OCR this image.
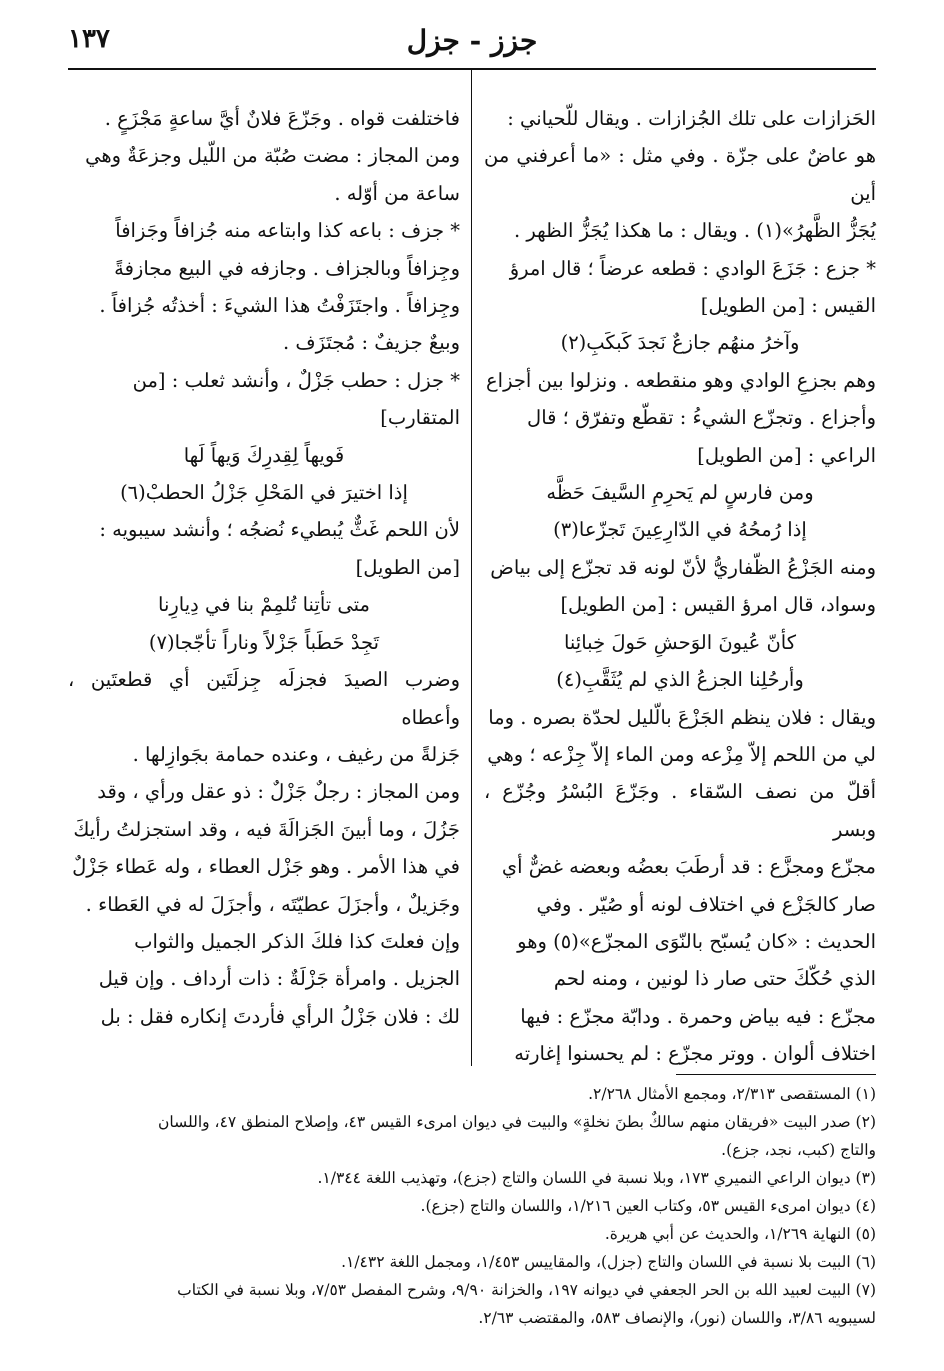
جزز - جزل
١٣٧

الحَزازات على تلك الجُزازات . ويقال للّحياني :

هو عاضٌ على جزّة . وفي مثل : «ما أعرفني من أين

يُجَزُّ الظَّهرُ»(١) . ويقال : ما هكذا يُجَزُّ الظهر .

* جزع : جَزَعَ الوادي : قطعه عرضاً ؛ قال امرؤ

القيس : [من الطويل]

وآخرُ منهُم جازعٌ نَجدَ كَبكَبِ(٢)

وهم بجزعِ الوادي وهو منقطعه . ونزلوا بين أجزاع

وأجزاع . وتجزّع الشيءُ : تقطّع وتفرّق ؛ قال

الراعي : [من الطويل]

ومن فارسٍ لم يَحرِمِ السَّيفَ حَظَّه

إذا رُمحُهُ في الدّارِعِينَ تَجزّعا(٣)

ومنه الجَزْعُ الظّفاريُّ لأنّ لونه قد تجزّع إلى بياض

وسواد، قال امرؤ القيس : [من الطويل]

كأنّ عُيونَ الوَحشِ حَولَ خِبائِنا

وأرحُلِنا الجزعُ الذي لم يُثَقَّبِ(٤)

ويقال : فلان ينظم الجَزْعَ بالّليل لحدّة بصره . وما

لي من اللحم إلاّ مِزْعه ومن الماء إلاّ جِزْعه ؛ وهي

أقلّ من نصف السّقاء . وجَزّعَ البُسْرُ وجُزّع ، وبسر

مجزّع ومجزَّع : قد أرطَبَ بعضُه وبعضه غضٌّ أي

صار كالجَزْع في اختلاف لونه أو صُيّر . وفي

الحديث : «كان يُسبّح بالنّوَى المجزّع»(٥) وهو

الذي حُكّكَ حتى صار ذا لونين ، ومنه لحم

مجزّع : فيه بياض وحمرة . ودابّة مجزّع : فيها

اختلاف ألوان . ووتر مجزّع : لم يحسنوا إغارته

فاختلفت قواه . وجَزّعَ فلانٌ أيَّ ساعةٍ مَجْزَعٍ .

ومن المجاز : مضت صُبّة من اللّيل وجزعَةٌ وهي

ساعة من أوّله .

* جزف : باعه كذا وابتاعه منه جُزافاً وجَزافاً

وجِزافاً وبالجزاف . وجازفه في البيع مجازفةً

وجِزافاً . واجتَزَفْتُ هذا الشيءَ : أخذتُه جُزافاً .

وبيعٌ جزيفٌ : مُجتَزَف .

* جزل : حطب جَزْلٌ ، وأنشد ثعلب : [من

المتقارب]

فَويهاً لِقِدرِكَ وَيهاً لَها

إذا اختيرَ في المَحْلِ جَزْلُ الحطبْ(٦)

لأن اللحم غَثٌّ يُبطيء نُضجُه ؛ وأنشد سيبويه :

[من الطويل]

متى تأتِنا تُلمِمْ بنا في دِيارِنا

تَجِدْ حَطَباً جَزْلاً وناراً تأجّجا(٧)

وضرب الصيدَ فجزلَه جِزلَتَين أي قطعتَين ، وأعطاه

جَزلةً من رغيف ، وعنده حمامة بجَوازِلها .

ومن المجاز : رجلٌ جَزْلٌ : ذو عقل ورأي ، وقد

جَزُلَ ، وما أبينَ الجَزالَةَ فيه ، وقد استجزلتُ رأيكَ

في هذا الأمر . وهو جَزْل العطاء ، وله عَطاء جَزْلٌ

وجَزيلٌ ، وأجزَلَ عطيّتَه ، وأجزَلَ له في العَطاء .

وإن فعلتَ كذا فلكَ الذكر الجميل والثواب

الجزيل . وامرأة جَزْلَةٌ : ذات أرداف . وإن قيل

لك : فلان جَزْلُ الرأي فأردتَ إنكاره فقل : بل

(١) المستقصى ٢/٣١٣، ومجمع الأمثال ٢/٢٦٨.

(٢) صدر البيت «فريقان منهم سالكٌ بطنَ نخلةٍ» والبيت في ديوان امرىء القيس ٤٣، وإصلاح المنطق ٤٧، واللسان

والتاج (كبب، نجد، جزع).

(٣) ديوان الراعي النميري ١٧٣، وبلا نسبة في اللسان والتاج (جزع)، وتهذيب اللغة ١/٣٤٤.

(٤) ديوان امرىء القيس ٥٣، وكتاب العين ١/٢١٦، واللسان والتاج (جزع).

(٥) النهاية ١/٢٦٩، والحديث عن أبي هريرة.

(٦) البيت بلا نسبة في اللسان والتاج (جزل)، والمقاييس ١/٤٥٣، ومجمل اللغة ١/٤٣٢.

(٧) البيت لعبيد الله بن الحر الجعفي في ديوانه ١٩٧، والخزانة ٩/٩٠، وشرح المفصل ٧/٥٣، وبلا نسبة في الكتاب

لسيبويه ٣/٨٦، واللسان (نور)، والإنصاف ٥٨٣، والمقتضب ٢/٦٣.
